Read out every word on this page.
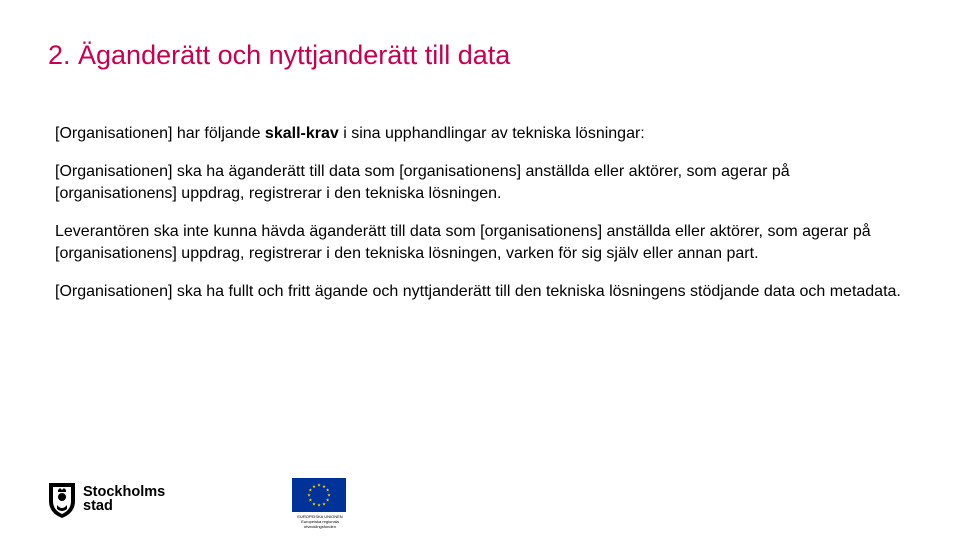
2. Äganderätt och nyttjanderätt till data

[Organisationen] har följande skall-krav i sina upphandlingar av tekniska lösningar:

[Organisationen] ska ha äganderätt till data som [organisationens] anställda eller aktörer, som agerar på [organisationens] uppdrag, registrerar i den tekniska lösningen.

Leverantören ska inte kunna hävda äganderätt till data som [organisationens] anställda eller aktörer, som agerar på [organisationens] uppdrag, registrerar i den tekniska lösningen, varken för sig själv eller annan part.

[Organisationen] ska ha fullt och fritt ägande och nyttjanderätt till den tekniska lösningens stödjande data och metadata.

Stockholms
stad
★ ★
★
★
★
★
★
★
★
★
★
★
EUROPEISKA UNIONEN
Europeiska regionala
utvecklingsfonden
